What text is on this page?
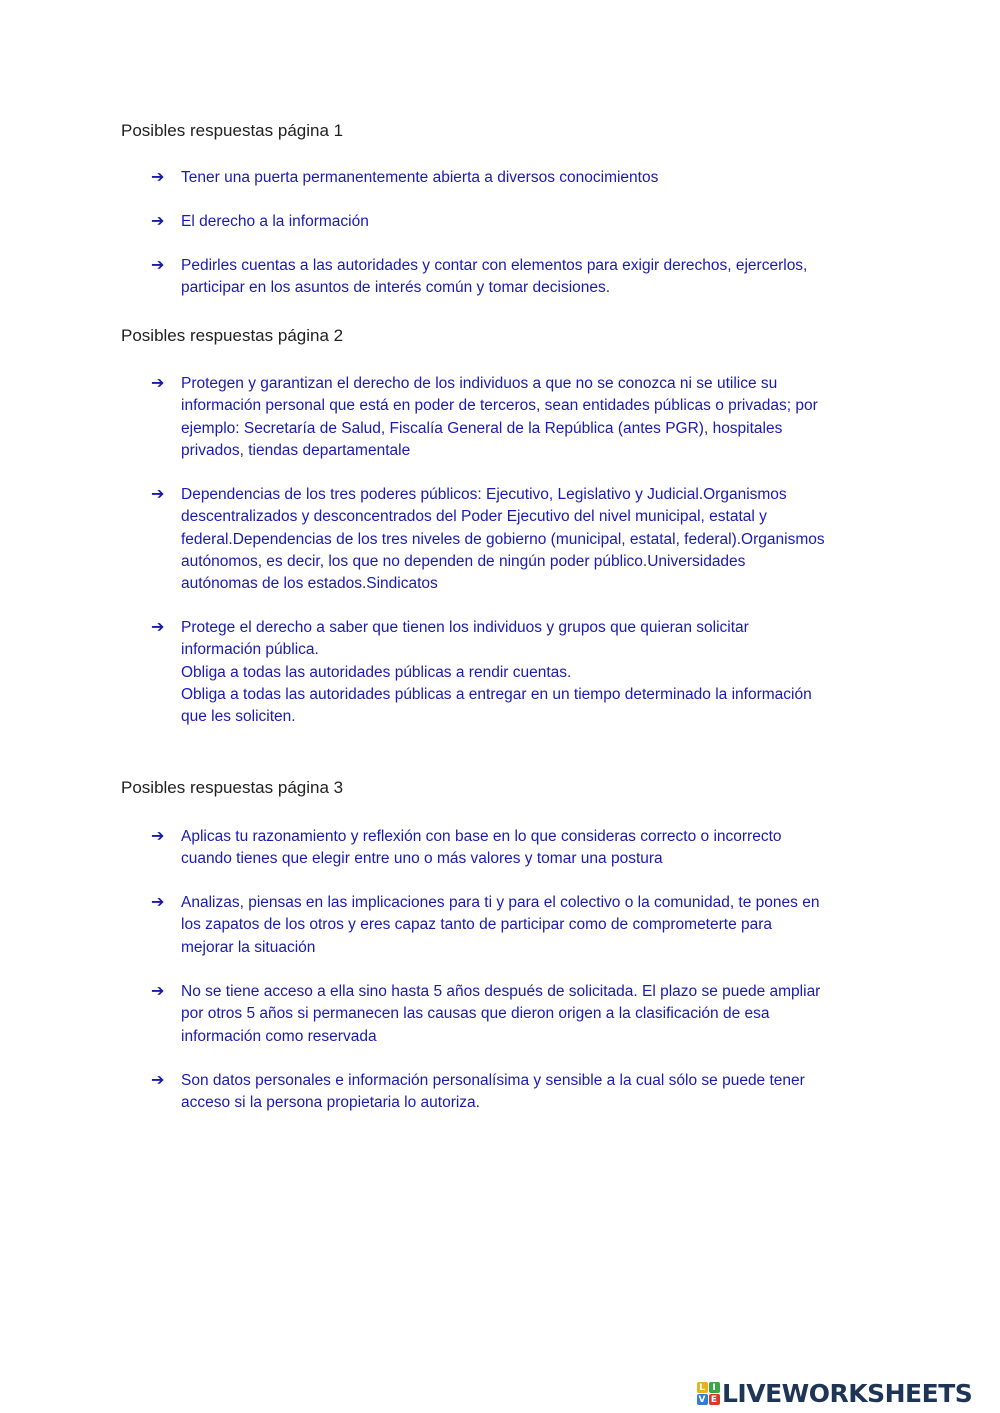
Posibles respuestas página 1
➔	Tener una puerta permanentemente abierta a diversos conocimientos
➔	El derecho a la información
➔	Pedirles cuentas a las autoridades y contar con elementos para exigir derechos, ejercerlos,
participar en los asuntos de interés común y tomar decisiones.
Posibles respuestas página 2
➔	Protegen y garantizan el derecho de los individuos a que no se conozca ni se utilice su
información personal que está en poder de terceros, sean entidades públicas o privadas; por
ejemplo: Secretaría de Salud, Fiscalía General de la República (antes PGR), hospitales
privados, tiendas departamentale
➔	Dependencias de los tres poderes públicos: Ejecutivo, Legislativo y Judicial.Organismos
descentralizados y desconcentrados del Poder Ejecutivo del nivel municipal, estatal y
federal.Dependencias de los tres niveles de gobierno (municipal, estatal, federal).Organismos
autónomos, es decir, los que no dependen de ningún poder público.Universidades
autónomas de los estados.Sindicatos
➔	Protege el derecho a saber que tienen los individuos y grupos que quieran solicitar
información pública.
Obliga a todas las autoridades públicas a rendir cuentas.
Obliga a todas las autoridades públicas a entregar en un tiempo determinado la información
que les soliciten.
Posibles respuestas página 3
➔	Aplicas tu razonamiento y reflexión con base en lo que consideras correcto o incorrecto
cuando tienes que elegir entre uno o más valores y tomar una postura
➔	Analizas, piensas en las implicaciones para ti y para el colectivo o la comunidad, te pones en
los zapatos de los otros y eres capaz tanto de participar como de comprometerte para
mejorar la situación
➔	No se tiene acceso a ella sino hasta 5 años después de solicitada. El plazo se puede ampliar
por otros 5 años si permanecen las causas que dieron origen a la clasificación de esa
información como reservada
➔	Son datos personales e información personalísima y sensible a la cual sólo se puede tener
acceso si la persona propietaria lo autoriza.
L I
V E LIVEWORKSHEETS
